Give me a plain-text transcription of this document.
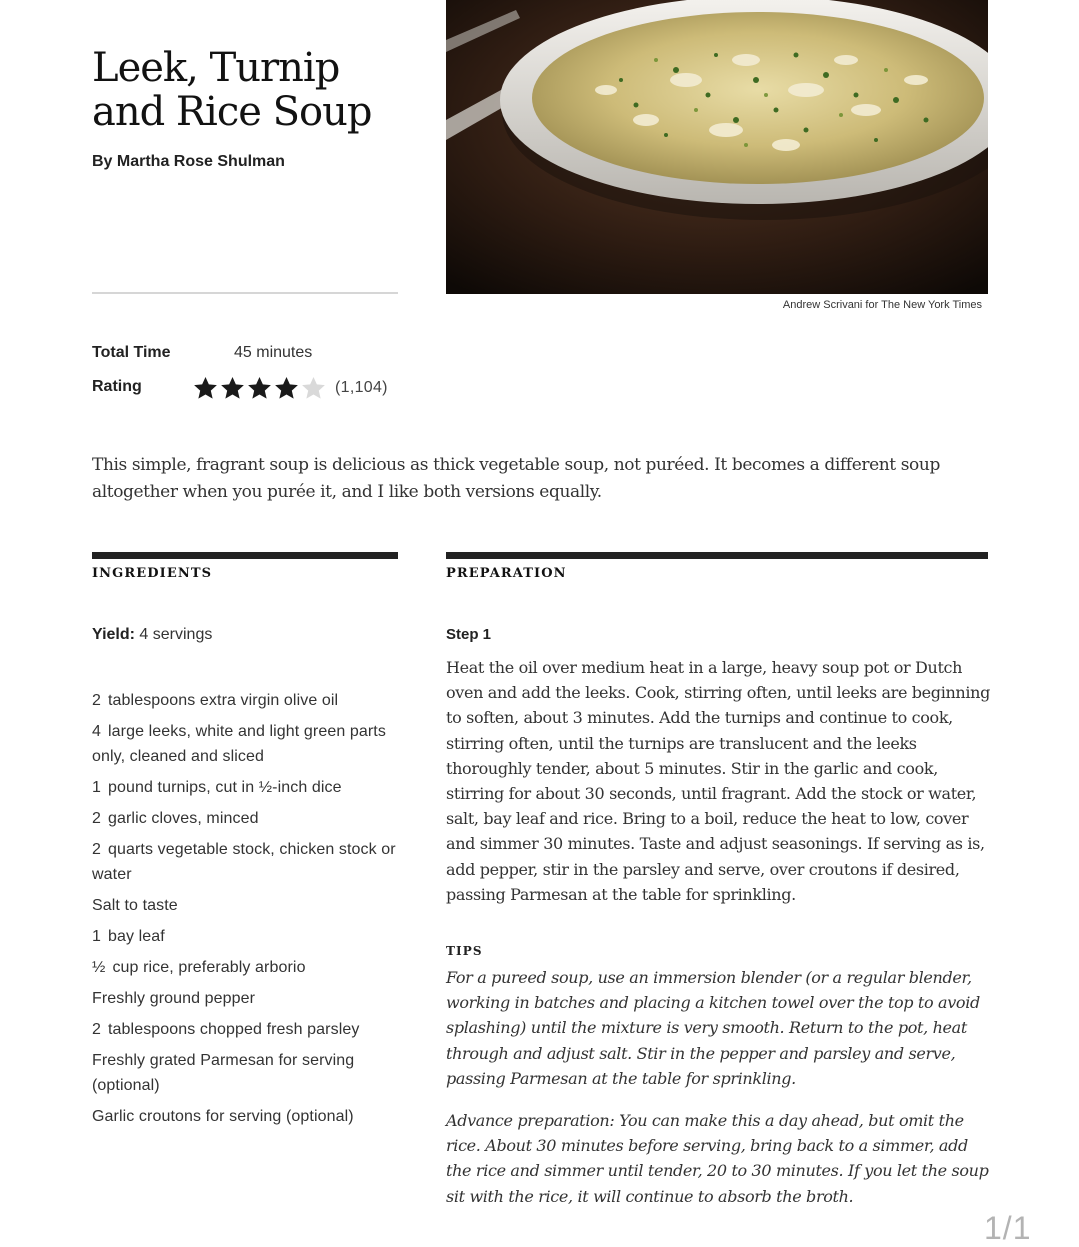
Leek, Turnip and Rice Soup
By Martha Rose Shulman
Andrew Scrivani for The New York Times
Total Time	45 minutes
Rating	(1,104)

This simple, fragrant soup is delicious as thick vegetable soup, not puréed. It becomes a different soup altogether when you purée it, and I like both versions equally.

INGREDIENTS	PREPARATION
Yield: 4 servings
2 tablespoons extra virgin olive oil
4 large leeks, white and light green parts only, cleaned and sliced
1 pound turnips, cut in ½-inch dice
2 garlic cloves, minced
2 quarts vegetable stock, chicken stock or water
Salt to taste
1 bay leaf
½ cup rice, preferably arborio
Freshly ground pepper
2 tablespoons chopped fresh parsley
Freshly grated Parmesan for serving (optional)
Garlic croutons for serving (optional)
Step 1

Heat the oil over medium heat in a large, heavy soup pot or Dutch oven and add the leeks. Cook, stirring often, until leeks are beginning to soften, about 3 minutes. Add the turnips and continue to cook, stirring often, until the turnips are translucent and the leeks thoroughly tender, about 5 minutes. Stir in the garlic and cook, stirring for about 30 seconds, until fragrant. Add the stock or water, salt, bay leaf and rice. Bring to a boil, reduce the heat to low, cover and simmer 30 minutes. Taste and adjust seasonings. If serving as is, add pepper, stir in the parsley and serve, over croutons if desired, passing Parmesan at the table for sprinkling.

TIPS

For a pureed soup, use an immersion blender (or a regular blender, working in batches and placing a kitchen towel over the top to avoid splashing) until the mixture is very smooth. Return to the pot, heat through and adjust salt. Stir in the pepper and parsley and serve, passing Parmesan at the table for sprinkling.

Advance preparation: You can make this a day ahead, but omit the rice. About 30 minutes before serving, bring back to a simmer, add the rice and simmer until tender, 20 to 30 minutes. If you let the soup sit with the rice, it will continue to absorb the broth.

1/1
